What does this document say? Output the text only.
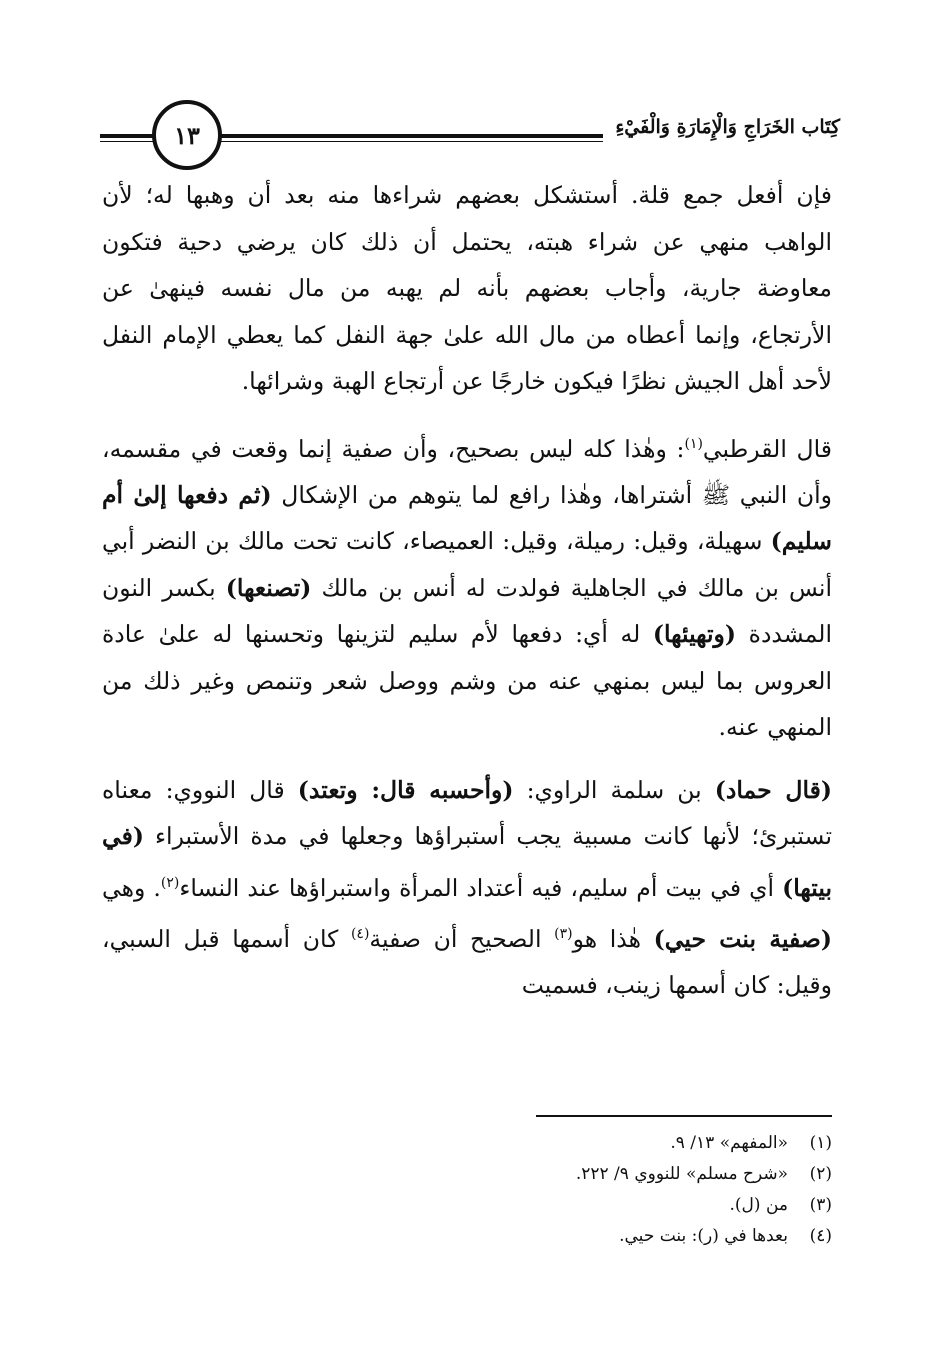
كِتَاب الخَرَاجِ وَالْإِمَارَةِ وَالْفَيْءِ
١٣

فإن أفعل جمع قلة. أستشكل بعضهم شراءها منه بعد أن وهبها له؛ لأن الواهب منهي عن شراء هبته، يحتمل أن ذلك كان يرضي دحية فتكون معاوضة جارية، وأجاب بعضهم بأنه لم يهبه من مال نفسه فينهىٰ عن الأرتجاع، وإنما أعطاه من مال الله علىٰ جهة النفل كما يعطي الإمام النفل لأحد أهل الجيش نظرًا فيكون خارجًا عن أرتجاع الهبة وشرائها.

قال القرطبي$^{(١)}$: وهٰذا كله ليس بصحيح، وأن صفية إنما وقعت في مقسمه، وأن النبي ﷺ أشتراها، وهٰذا رافع لما يتوهم من الإشكال (ثم دفعها إلىٰ أم سليم) سهيلة، وقيل: رميلة، وقيل: العميصاء، كانت تحت مالك بن النضر أبي أنس بن مالك في الجاهلية فولدت له أنس بن مالك (تصنعها) بكسر النون المشددة (وتهيئها) له أي: دفعها لأم سليم لتزينها وتحسنها له علىٰ عادة العروس بما ليس بمنهي عنه من وشم ووصل شعر وتنمص وغير ذلك من المنهي عنه.

(قال حماد) بن سلمة الراوي: (وأحسبه قال: وتعتد) قال النووي: معناه تستبرئ؛ لأنها كانت مسبية يجب أستبراؤها وجعلها في مدة الأستبراء (في بيتها) أي في بيت أم سليم، فيه أعتداد المرأة واستبراؤها عند النساء$^{(٢)}$. وهي (صفية بنت حيي) هٰذا هو$^{(٣)}$ الصحيح أن صفية$^{(٤)}$ كان أسمها قبل السبي، وقيل: كان أسمها زينب، فسميت

(١)
«المفهم» ١٣/ ٩.
(٢)
«شرح مسلم» للنووي ٩/ ٢٢٢.
(٣)
من (ل).
(٤)
بعدها في (ر): بنت حيي.
